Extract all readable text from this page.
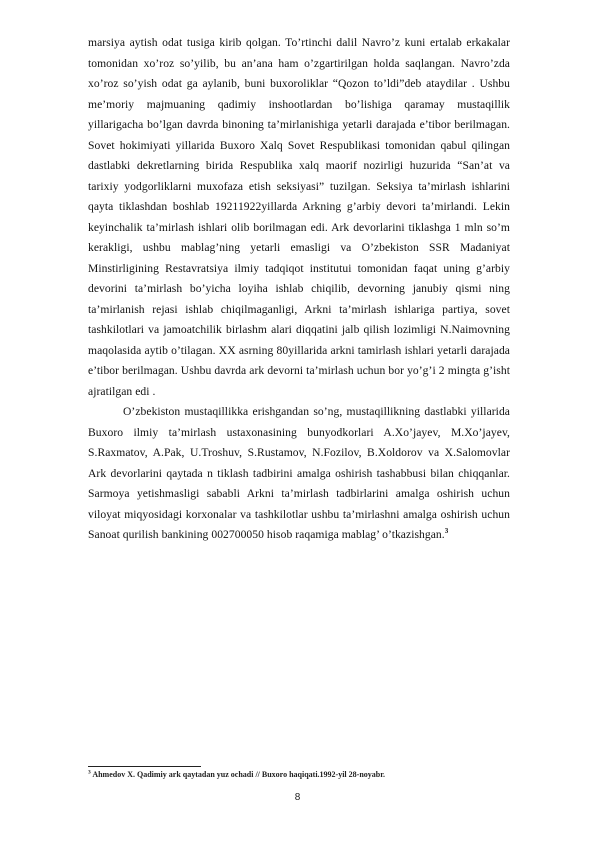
marsiya aytish odat tusiga kirib qolgan. To’rtinchi dalil Navro’z kuni ertalab erkakalar tomonidan xo’roz so’yilib, bu an’ana ham o’zgartirilgan holda saqlangan. Navro’zda xo’roz so’yish odat ga aylanib, buni buxoroliklar “Qozon to’ldi”deb ataydilar . Ushbu me’moriy majmuaning qadimiy inshootlardan bo’lishiga qaramay mustaqillik yillarigacha bo’lgan davrda binoning ta’mirlanishiga yetarli darajada e’tibor berilmagan. Sovet hokimiyati yillarida Buxoro Xalq Sovet Respublikasi tomonidan qabul qilingan dastlabki dekretlarning birida Respublika xalq maorif nozirligi huzurida “San’at va tarixiy yodgorliklarni muxofaza etish seksiyasi” tuzilgan. Seksiya ta’mirlash ishlarini qayta tiklashdan boshlab 19211922yillarda Arkning g’arbiy devori ta’mirlandi. Lekin keyinchalik ta’mirlash ishlari olib borilmagan edi. Ark devorlarini tiklashga 1 mln so’m kerakligi, ushbu mablag’ning yetarli emasligi va O’zbekiston SSR Madaniyat Minstirligining Restavratsiya ilmiy tadqiqot institutui tomonidan faqat uning g’arbiy devorini ta’mirlash bo’yicha loyiha ishlab chiqilib, devorning janubiy qismi ning ta’mirlanish rejasi ishlab chiqilmaganligi, Arkni ta’mirlash ishlariga partiya, sovet tashkilotlari va jamoatchilik birlashm alari diqqatini jalb qilish lozimligi N.Naimovning maqolasida aytib o’tilagan. XX asrning 80yillarida arkni tamirlash ishlari yetarli darajada e’tibor berilmagan. Ushbu davrda ark devorni ta’mirlash uchun bor yo’g’i 2 mingta g’isht ajratilgan edi .

O’zbekiston mustaqillikka erishgandan so’ng, mustaqillikning dastlabki yillarida Buxoro ilmiy ta’mirlash ustaxonasining bunyodkorlari A.Xo’jayev, M.Xo’jayev, S.Raxmatov, A.Pak, U.Troshuv, S.Rustamov, N.Fozilov, B.Xoldorov va X.Salomovlar Ark devorlarini qaytada n tiklash tadbirini amalga oshirish tashabbusi bilan chiqqanlar. Sarmoya yetishmasligi sababli Arkni ta’mirlash tadbirlarini amalga oshirish uchun viloyat miqyosidagi korxonalar va tashkilotlar ushbu ta’mirlashni amalga oshirish uchun Sanoat qurilish bankining 002700050 hisob raqamiga mablag’ o’tkazishgan.$^3$

$^3$ Ahmedov X. Qadimiy ark qaytadan yuz ochadi // Buxoro haqiqati.1992-yil 28-noyabr.
8
